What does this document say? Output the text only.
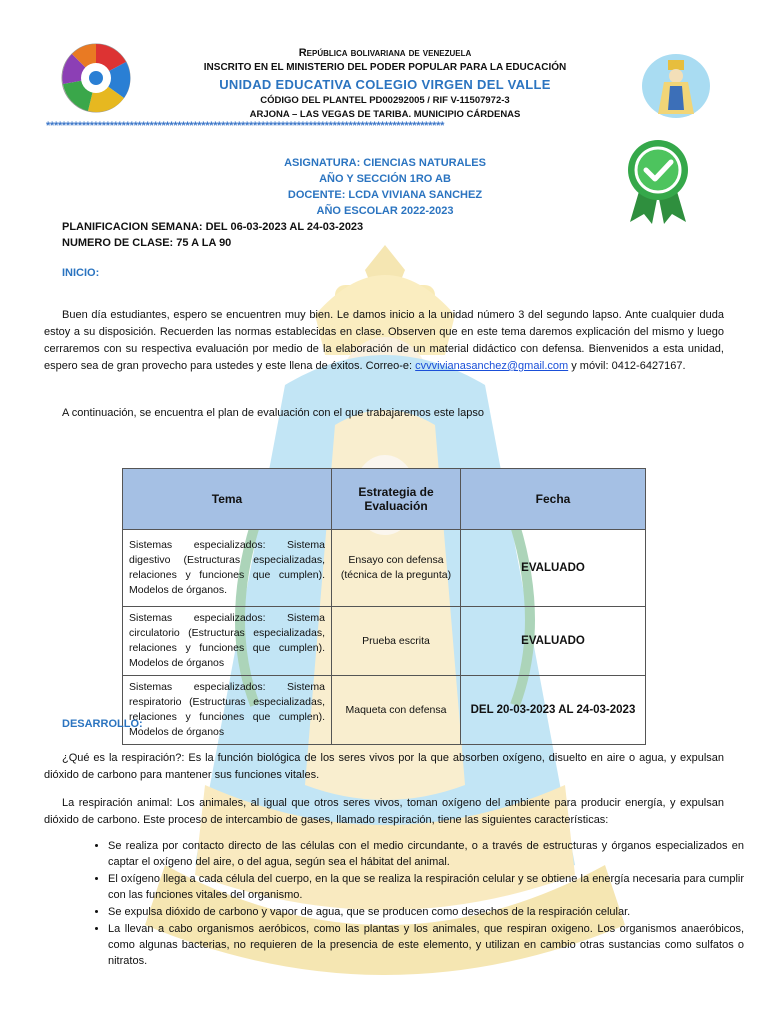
República bolivariana de venezuela
INSCRITO EN EL MINISTERIO DEL PODER POPULAR PARA LA EDUCACIÓN
UNIDAD EDUCATIVA COLEGIO VIRGEN DEL VALLE
CÓDIGO DEL PLANTEL PD00292005 / RIF V-11507972-3
ARJONA – LAS VEGAS DE TARIBA. MUNICIPIO CÁRDENAS
****************************************************************************************************
ASIGNATURA: CIENCIAS NATURALES
AÑO Y SECCIÓN 1RO AB
DOCENTE: LCDA VIVIANA SANCHEZ
AÑO ESCOLAR 2022-2023
PLANIFICACION SEMANA: DEL 06-03-2023 AL 24-03-2023
NUMERO DE CLASE: 75 A LA 90
INICIO:
Buen día estudiantes, espero se encuentren muy bien. Le damos inicio a la unidad número 3 del segundo lapso. Ante cualquier duda estoy a su disposición. Recuerden las normas establecidas en clase. Observen que en este tema daremos explicación del mismo y luego cerraremos con su respectiva evaluación por medio de la elaboración de un material didáctico con defensa. Bienvenidos a esta unidad, espero sea de gran provecho para ustedes y este llena de éxitos. Correo-e: cvvvivianasanchez@gmail.com y móvil: 0412-6427167.
A continuación, se encuentra el plan de evaluación con el que trabajaremos este lapso
Tema	Estrategia de Evaluación	Fecha
Sistemas especializados: Sistema digestivo (Estructuras especializadas, relaciones y funciones que cumplen). Modelos de órganos.	Ensayo con defensa (técnica de la pregunta)	EVALUADO
Sistemas especializados: Sistema circulatorio (Estructuras especializadas, relaciones y funciones que cumplen). Modelos de órganos	Prueba escrita	EVALUADO
Sistemas especializados: Sistema respiratorio (Estructuras especializadas, relaciones y funciones que cumplen). Modelos de órganos	Maqueta con defensa	DEL 20-03-2023 AL 24-03-2023
DESARROLLO:
¿Qué es la respiración?: Es la función biológica de los seres vivos por la que absorben oxígeno, disuelto en aire o agua, y expulsan dióxido de carbono para mantener sus funciones vitales.
La respiración animal: Los animales, al igual que otros seres vivos, toman oxígeno del ambiente para producir energía, y expulsan dióxido de carbono. Este proceso de intercambio de gases, llamado respiración, tiene las siguientes características:
• Se realiza por contacto directo de las células con el medio circundante, o a través de estructuras y órganos especializados en captar el oxígeno del aire, o del agua, según sea el hábitat del animal.
• El oxígeno llega a cada célula del cuerpo, en la que se realiza la respiración celular y se obtiene la energía necesaria para cumplir con las funciones vitales del organismo.
• Se expulsa dióxido de carbono y vapor de agua, que se producen como desechos de la respiración celular.
• La llevan a cabo organismos aeróbicos, como las plantas y los animales, que respiran oxigeno. Los organismos anaeróbicos, como algunas bacterias, no requieren de la presencia de este elemento, y utilizan en cambio otras sustancias como sulfatos o nitratos.
